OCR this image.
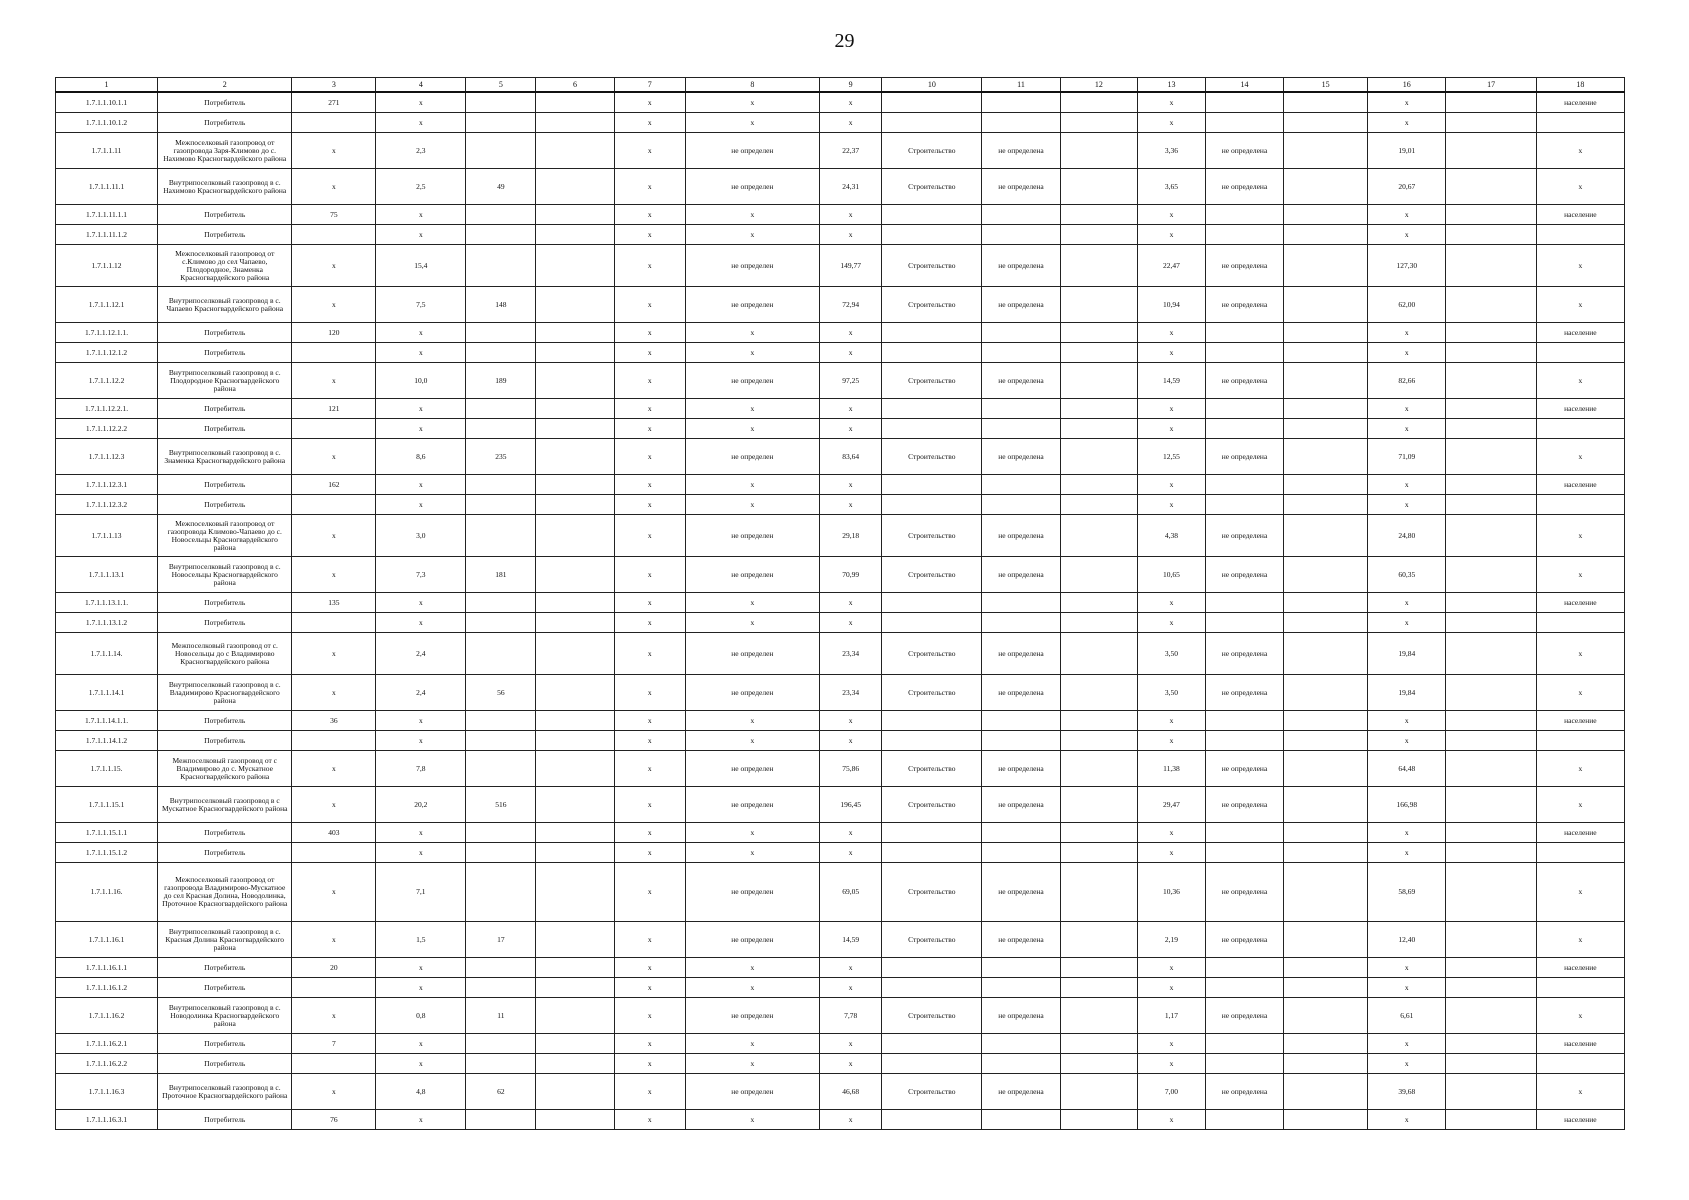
29
1	2	3	4	5	6	7	8	9	10	11	12	13	14	15	16	17	18
1.7.1.1.10.1.1	Потребитель	271	x			x	x	x				x			x		население
1.7.1.1.10.1.2	Потребитель		x			x	x	x				x			x		
1.7.1.1.11	Межпоселковый газопровод от газопровода Заря-Климово до с. Нахимово Красногвардейского района	x	2,3			x	не определен	22,37	Строительство	не определена		3,36	не определена		19,01		x
1.7.1.1.11.1	Внутрипоселковый газопровод в с. Нахимово Красногвардейского района	x	2,5	49		x	не определен	24,31	Строительство	не определена		3,65	не определена		20,67		x
1.7.1.1.11.1.1	Потребитель	75	x			x	x	x				x			x		население
1.7.1.1.11.1.2	Потребитель		x			x	x	x				x			x		
1.7.1.1.12	Межпоселковый газопровод от с.Климово до сел Чапаево, Плодородное, Знаменка Красногвардейского района	x	15,4			x	не определен	149,77	Строительство	не определена		22,47	не определена		127,30		x
1.7.1.1.12.1	Внутрипоселковый газопровод в с. Чапаево Красногвардейского района	x	7,5	148		x	не определен	72,94	Строительство	не определена		10,94	не определена		62,00		x
1.7.1.1.12.1.1.	Потребитель	120	x			x	x	x				x			x		население
1.7.1.1.12.1.2	Потребитель		x			x	x	x				x			x		
1.7.1.1.12.2	Внутрипоселковый газопровод в с. Плодородное Красногвардейского района	x	10,0	189		x	не определен	97,25	Строительство	не определена		14,59	не определена		82,66		x
1.7.1.1.12.2.1.	Потребитель	121	x			x	x	x				x			x		население
1.7.1.1.12.2.2	Потребитель		x			x	x	x				x			x		
1.7.1.1.12.3	Внутрипоселковый газопровод в с. Знаменка Красногвардейского района	x	8,6	235		x	не определен	83,64	Строительство	не определена		12,55	не определена		71,09		x
1.7.1.1.12.3.1	Потребитель	162	x			x	x	x				x			x		население
1.7.1.1.12.3.2	Потребитель		x			x	x	x				x			x		
1.7.1.1.13	Межпоселковый газопровод от газопровода Климово-Чапаево до с. Новосельцы Красногвардейского района	x	3,0			x	не определен	29,18	Строительство	не определена		4,38	не определена		24,80		x
1.7.1.1.13.1	Внутрипоселковый газопровод в с. Новосельцы Красногвардейского района	x	7,3	181		x	не определен	70,99	Строительство	не определена		10,65	не определена		60,35		x
1.7.1.1.13.1.1.	Потребитель	135	x			x	x	x				x			x		население
1.7.1.1.13.1.2	Потребитель		x			x	x	x				x			x		
1.7.1.1.14.	Межпоселковый газопровод от с. Новосельцы до с Владимирово Красногвардейского района	x	2,4			x	не определен	23,34	Строительство	не определена		3,50	не определена		19,84		x
1.7.1.1.14.1	Внутрипоселковый газопровод в с. Владимирово Красногвардейского района	x	2,4	56		x	не определен	23,34	Строительство	не определена		3,50	не определена		19,84		x
1.7.1.1.14.1.1.	Потребитель	36	x			x	x	x				x			x		население
1.7.1.1.14.1.2	Потребитель		x			x	x	x				x			x		
1.7.1.1.15.	Межпоселковый газопровод от с Владимирово до с. Мускатное Красногвардейского района	x	7,8			x	не определен	75,86	Строительство	не определена		11,38	не определена		64,48		x
1.7.1.1.15.1	Внутрипоселковый газопровод в с Мускатное Красногвардейского района	x	20,2	516		x	не определен	196,45	Строительство	не определена		29,47	не определена		166,98		x
1.7.1.1.15.1.1	Потребитель	403	x			x	x	x				x			x		население
1.7.1.1.15.1.2	Потребитель		x			x	x	x				x			x		
1.7.1.1.16.	Межпоселковый газопровод от газопровода Владимирово-Мускатное до сел Красная Долина, Новодолинка, Проточное Красногвардейского района	x	7,1			x	не определен	69,05	Строительство	не определена		10,36	не определена		58,69		x
1.7.1.1.16.1	Внутрипоселковый газопровод в с. Красная Долина Красногвардейского района	x	1,5	17		x	не определен	14,59	Строительство	не определена		2,19	не определена		12,40		x
1.7.1.1.16.1.1	Потребитель	20	x			x	x	x				x			x		население
1.7.1.1.16.1.2	Потребитель		x			x	x	x				x			x		
1.7.1.1.16.2	Внутрипоселковый газопровод в с. Новодолинка Красногвардейского района	x	0,8	11		x	не определен	7,78	Строительство	не определена		1,17	не определена		6,61		x
1.7.1.1.16.2.1	Потребитель	7	x			x	x	x				x			x		население
1.7.1.1.16.2.2	Потребитель		x			x	x	x				x			x		
1.7.1.1.16.3	Внутрипоселковый газопровод в с. Проточное Красногвардейского района	x	4,8	62		x	не определен	46,68	Строительство	не определена		7,00	не определена		39,68		x
1.7.1.1.16.3.1	Потребитель	76	x			x	x	x				x			x		население
